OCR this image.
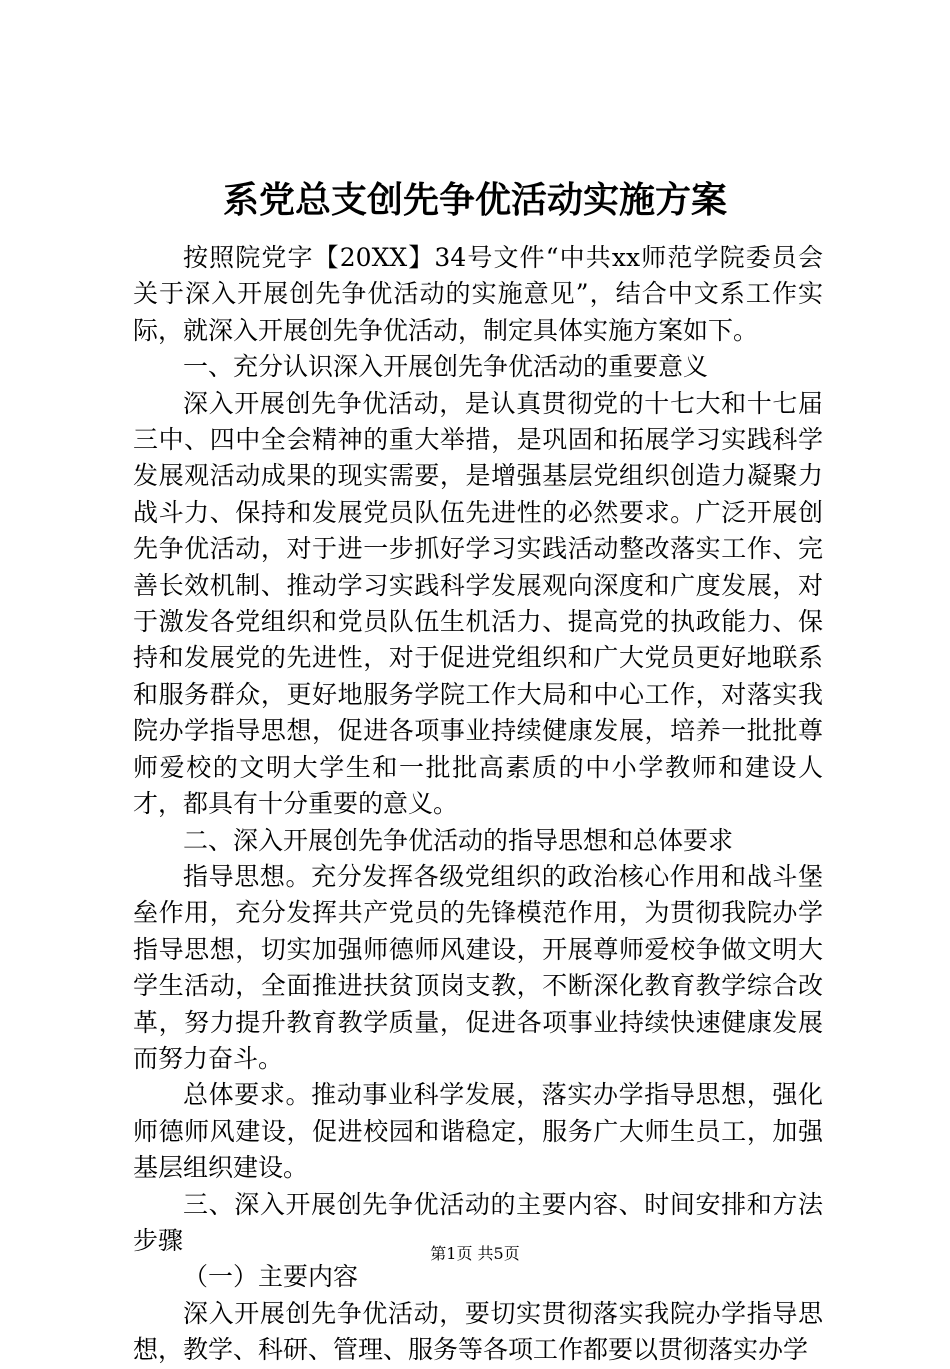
系党总支创先争优活动实施方案

按照院党字【20XX】34号文件“中共xx师范学院委员会关于深入开展创先争优活动的实施意见”，结合中文系工作实际，就深入开展创先争优活动，制定具体实施方案如下。

一、充分认识深入开展创先争优活动的重要意义

深入开展创先争优活动，是认真贯彻党的十七大和十七届三中、四中全会精神的重大举措，是巩固和拓展学习实践科学发展观活动成果的现实需要，是增强基层党组织创造力凝聚力战斗力、保持和发展党员队伍先进性的必然要求。广泛开展创先争优活动，对于进一步抓好学习实践活动整改落实工作、完善长效机制、推动学习实践科学发展观向深度和广度发展，对于激发各党组织和党员队伍生机活力、提高党的执政能力、保持和发展党的先进性，对于促进党组织和广大党员更好地联系和服务群众，更好地服务学院工作大局和中心工作，对落实我院办学指导思想，促进各项事业持续健康发展，培养一批批尊师爱校的文明大学生和一批批高素质的中小学教师和建设人才，都具有十分重要的意义。

二、深入开展创先争优活动的指导思想和总体要求

指导思想。充分发挥各级党组织的政治核心作用和战斗堡垒作用，充分发挥共产党员的先锋模范作用，为贯彻我院办学指导思想，切实加强师德师风建设，开展尊师爱校争做文明大学生活动，全面推进扶贫顶岗支教，不断深化教育教学综合改革，努力提升教育教学质量，促进各项事业持续快速健康发展而努力奋斗。

总体要求。推动事业科学发展，落实办学指导思想，强化师德师风建设，促进校园和谐稳定，服务广大师生员工，加强基层组织建设。

三、深入开展创先争优活动的主要内容、时间安排和方法步骤

（一）主要内容

深入开展创先争优活动，要切实贯彻落实我院办学指导思想，教学、科研、管理、服务等各项工作都要以贯彻落实办学

第1页 共5页
